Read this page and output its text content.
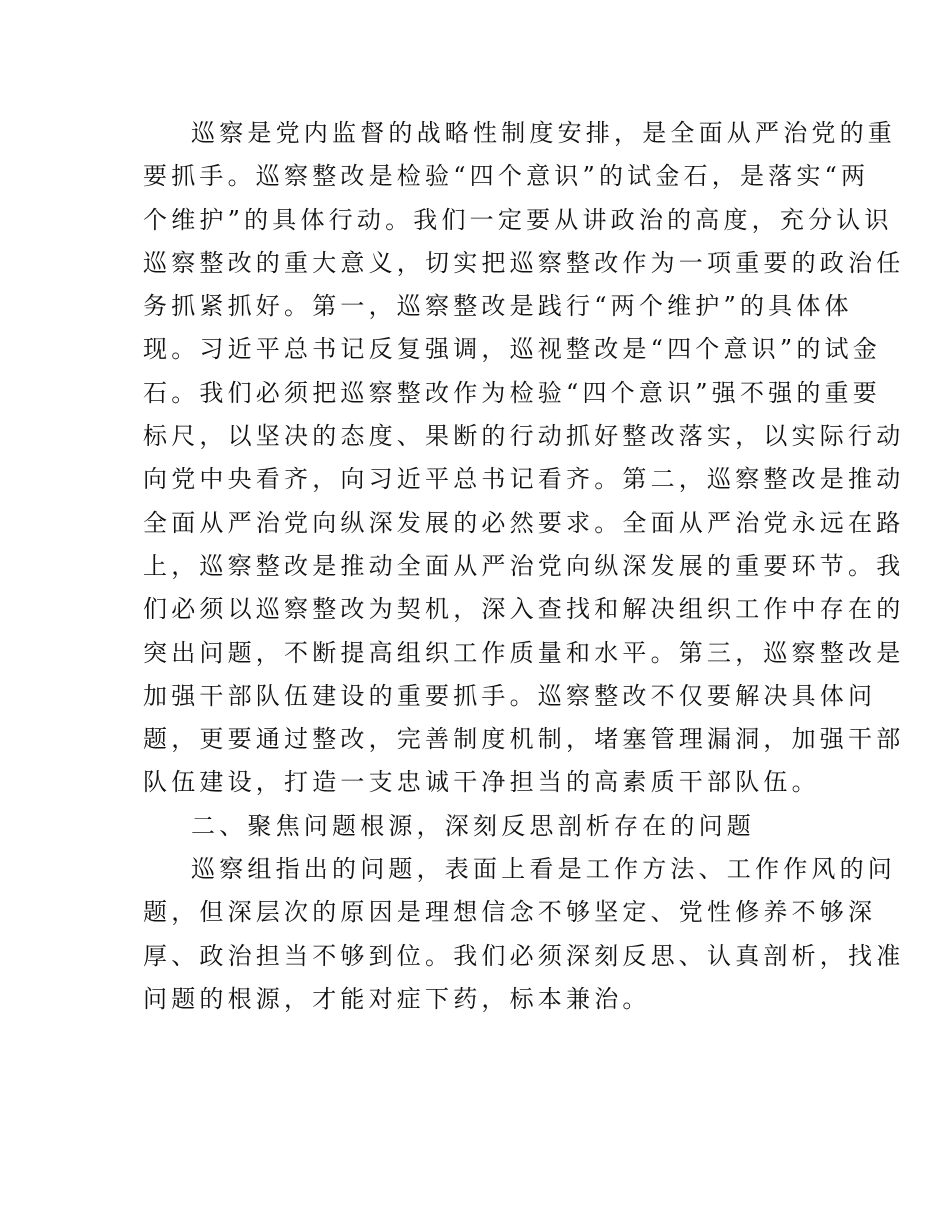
巡察是党内监督的战略性制度安排，是全面从严治党的重
要抓手。巡察整改是检验“四个意识”的试金石，是落实“两
个维护”的具体行动。我们一定要从讲政治的高度，充分认识
巡察整改的重大意义，切实把巡察整改作为一项重要的政治任
务抓紧抓好。第一，巡察整改是践行“两个维护”的具体体
现。习近平总书记反复强调，巡视整改是“四个意识”的试金
石。我们必须把巡察整改作为检验“四个意识”强不强的重要
标尺，以坚决的态度、果断的行动抓好整改落实，以实际行动
向党中央看齐，向习近平总书记看齐。第二，巡察整改是推动
全面从严治党向纵深发展的必然要求。全面从严治党永远在路
上，巡察整改是推动全面从严治党向纵深发展的重要环节。我
们必须以巡察整改为契机，深入查找和解决组织工作中存在的
突出问题，不断提高组织工作质量和水平。第三，巡察整改是
加强干部队伍建设的重要抓手。巡察整改不仅要解决具体问
题，更要通过整改，完善制度机制，堵塞管理漏洞，加强干部
队伍建设，打造一支忠诚干净担当的高素质干部队伍。
二、聚焦问题根源，深刻反思剖析存在的问题
巡察组指出的问题，表面上看是工作方法、工作作风的问
题，但深层次的原因是理想信念不够坚定、党性修养不够深
厚、政治担当不够到位。我们必须深刻反思、认真剖析，找准
问题的根源，才能对症下药，标本兼治。
